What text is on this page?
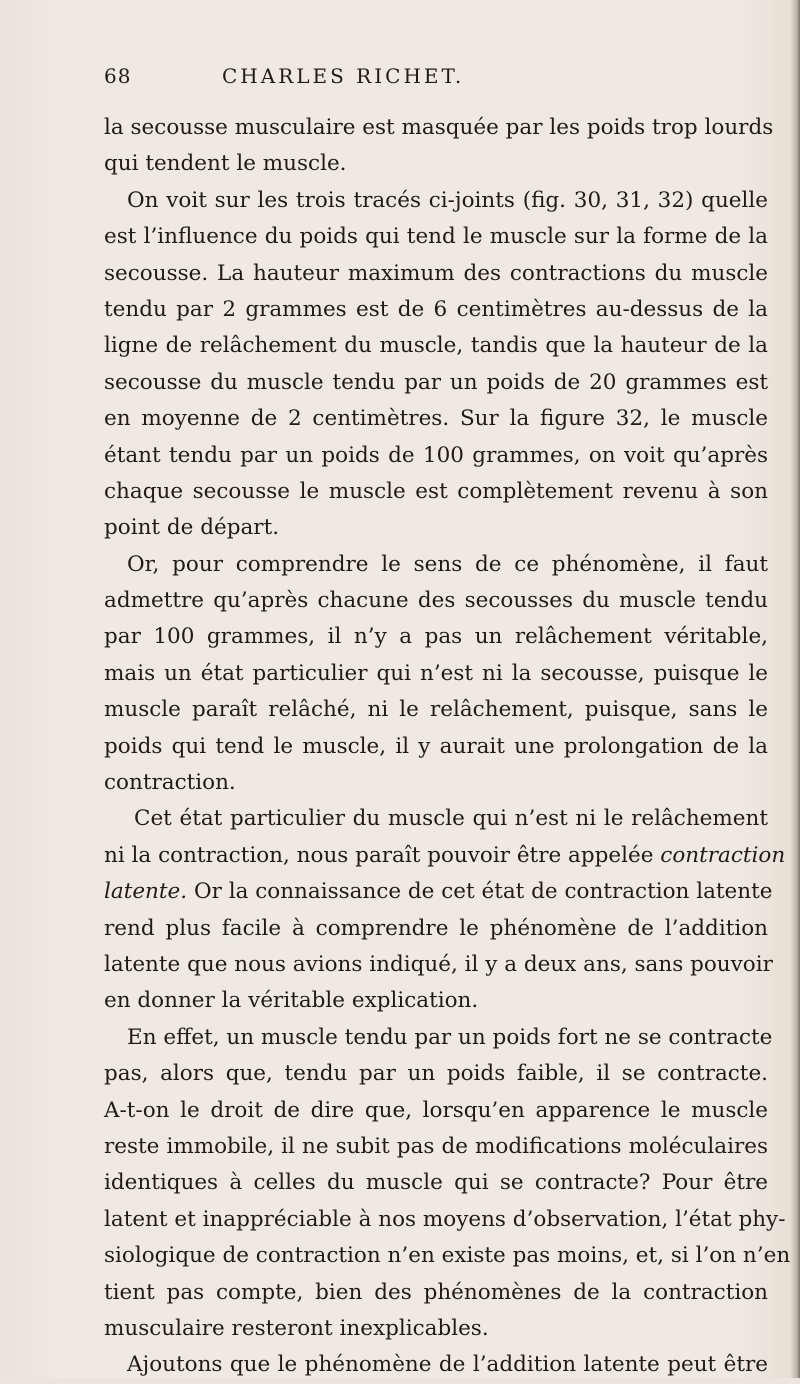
68	CHARLES RICHET.
la secousse musculaire est masquée par les poids trop lourds
qui tendent le muscle.
On voit sur les trois tracés ci-joints (fig. 30, 31, 32) quelle
est l’influence du poids qui tend le muscle sur la forme de la
secousse. La hauteur maximum des contractions du muscle
tendu par 2 grammes est de 6 centimètres au-dessus de la
ligne de relâchement du muscle, tandis que la hauteur de la
secousse du muscle tendu par un poids de 20 grammes est
en moyenne de 2 centimètres. Sur la figure 32, le muscle
étant tendu par un poids de 100 grammes, on voit qu’après
chaque secousse le muscle est complètement revenu à son
point de départ.
Or, pour comprendre le sens de ce phénomène, il faut
admettre qu’après chacune des secousses du muscle tendu
par 100 grammes, il n’y a pas un relâchement véritable,
mais un état particulier qui n’est ni la secousse, puisque le
muscle paraît relâché, ni le relâchement, puisque, sans le
poids qui tend le muscle, il y aurait une prolongation de la
contraction.
Cet état particulier du muscle qui n’est ni le relâchement
ni la contraction, nous paraît pouvoir être appelée contraction
latente. Or la connaissance de cet état de contraction latente
rend plus facile à comprendre le phénomène de l’addition
latente que nous avions indiqué, il y a deux ans, sans pouvoir
en donner la véritable explication.
En effet, un muscle tendu par un poids fort ne se contracte
pas, alors que, tendu par un poids faible, il se contracte.
A-t-on le droit de dire que, lorsqu’en apparence le muscle
reste immobile, il ne subit pas de modifications moléculaires
identiques à celles du muscle qui se contracte? Pour être
latent et inappréciable à nos moyens d’observation, l’état phy-
siologique de contraction n’en existe pas moins, et, si l’on n’en
tient pas compte, bien des phénomènes de la contraction
musculaire resteront inexplicables.
Ajoutons que le phénomène de l’addition latente peut être
